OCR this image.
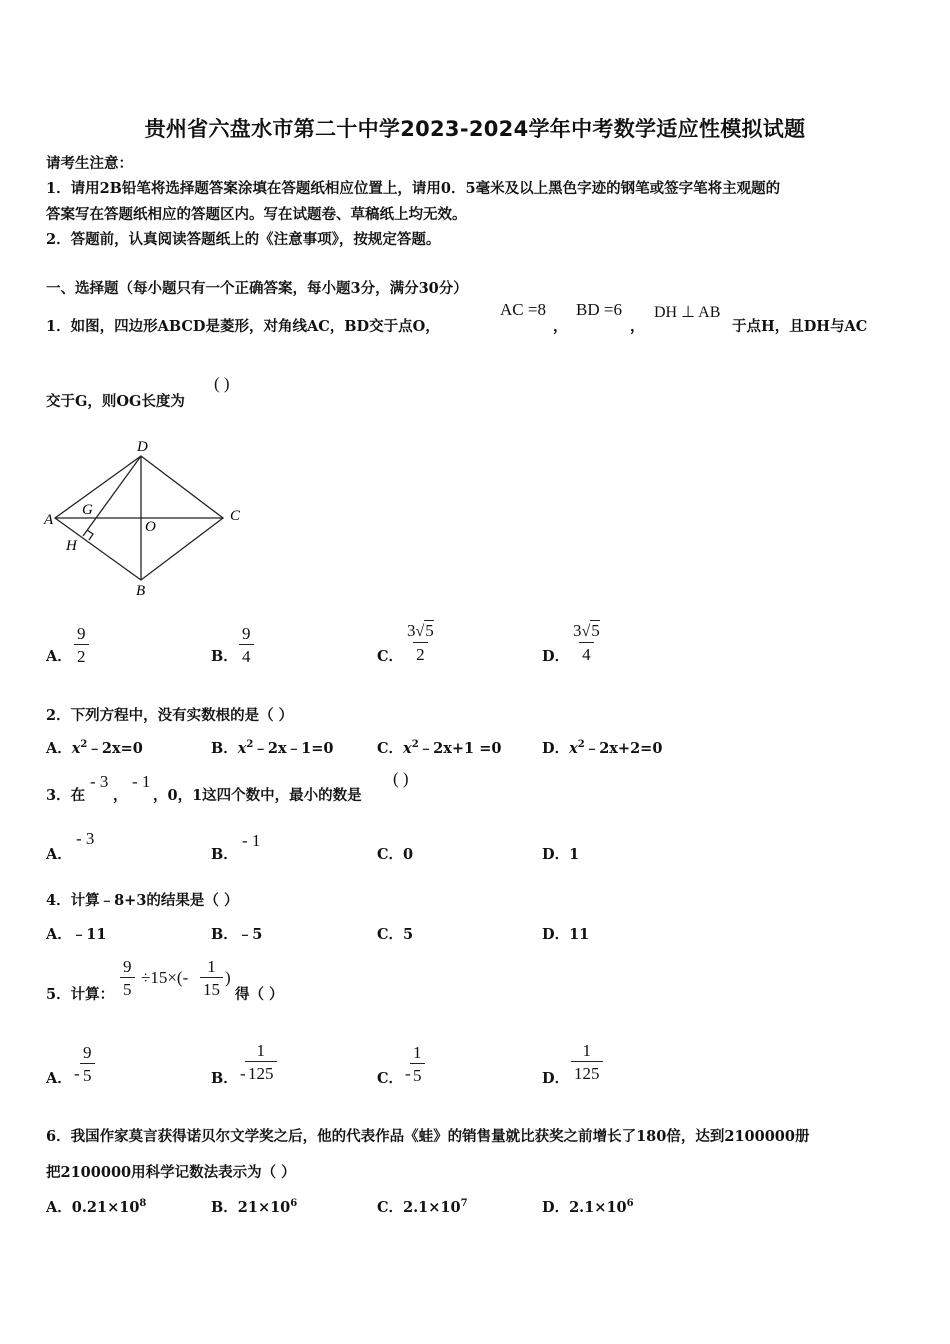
贵州省六盘水市第二十中学2023-2024学年中考数学适应性模拟试题
请考生注意：
1．请用2B铅笔将选择题答案涂填在答题纸相应位置上，请用0．5毫米及以上黑色字迹的钢笔或签字笔将主观题的
答案写在答题纸相应的答题区内。写在试题卷、草稿纸上均无效。
2．答题前，认真阅读答题纸上的《注意事项》，按规定答题。
一、选择题（每小题只有一个正确答案，每小题3分，满分30分）
1．如图，四边形ABCD是菱形，对角线AC，BD交于点O，
AC =8
，
BD =6
，
DH ⊥ AB
于点H，且DH与AC
交于G，则OG长度为
( )
D
A	C
B
O
G
H
A． $\frac{9}{2}$	B． $\frac{9}{4}$	C． $\frac{3√5}{2}$	D． $\frac{3√5}{4}$
2．下列方程中，没有实数根的是（ ）
A．$x^2﹣2x=0$	B．$x^2﹣2x﹣1=0$	C．$x^2﹣2x+1 =0$	D．$x^2﹣2x+2=0$
3．在
- 3
，
- 1
，0，1这四个数中，最小的数是
( )
A．
- 3
B．
- 1
C．0	D．1
4．计算﹣8+3的结果是（ ）
A．﹣11	B．﹣5	C．5	D．11
5．计算： $\frac{9}{5} \div 15\times(- \frac{1}{15}$ )
得（ ）
A． - $\frac{9}{5}$	B． - $\frac{1}{125}$	C． - $\frac{1}{5}$	D． $\frac{1}{125}$
6．我国作家莫言获得诺贝尔文学奖之后，他的代表作品《蛙》的销售量就比获奖之前增长了180倍，达到2100000册
把2100000用科学记数法表示为（ ）
A．$0.21\times 10^8$	B．$21\times 10^6$	C．$2.1\times 10^7$	D．$2.1\times 10^6$
